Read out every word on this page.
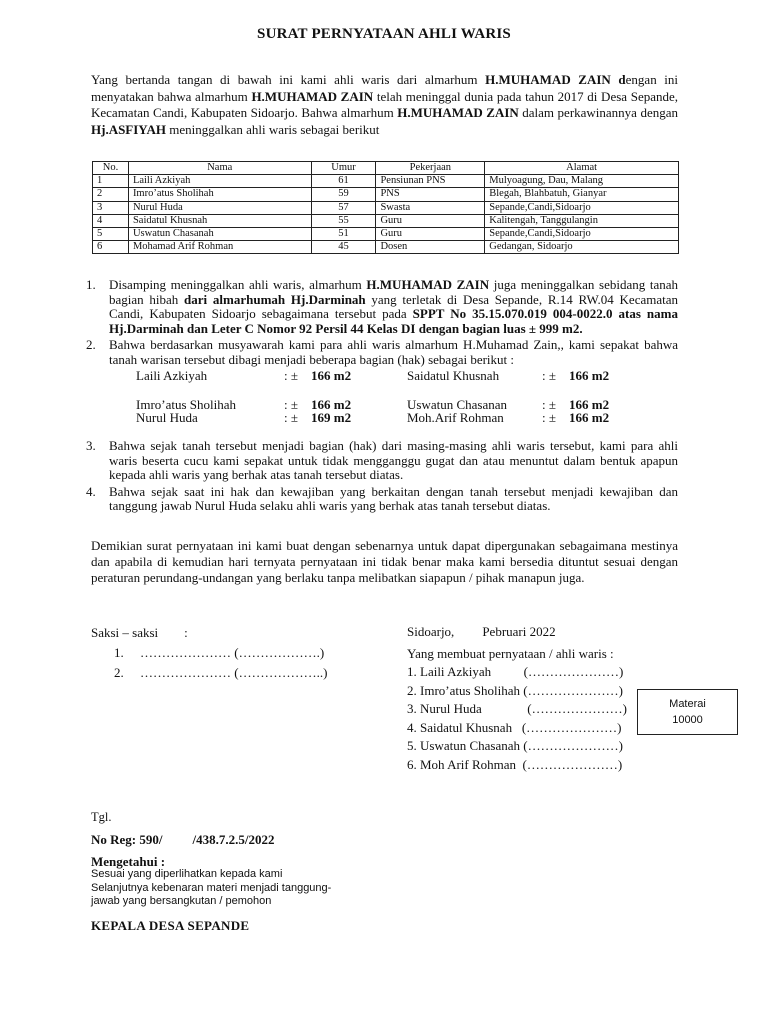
SURAT PERNYATAAN AHLI WARIS
Yang bertanda tangan di bawah ini kami ahli waris dari almarhum H.MUHAMAD ZAIN dengan ini menyatakan bahwa almarhum H.MUHAMAD ZAIN telah meninggal dunia pada tahun 2017 di Desa Sepande, Kecamatan Candi, Kabupaten Sidoarjo. Bahwa almarhum H.MUHAMAD ZAIN dalam perkawinannya dengan Hj.ASFIYAH meninggalkan ahli waris sebagai berikut
No.	Nama	Umur	Pekerjaan	Alamat
1	Laili Azkiyah	61	Pensiunan PNS	Mulyoagung, Dau, Malang
2	Imro’atus Sholihah	59	PNS	Blegah, Blahbatuh, Gianyar
3	Nurul Huda	57	Swasta	Sepande,Candi,Sidoarjo
4	Saidatul Khusnah	55	Guru	Kalitengah, Tanggulangin
5	Uswatun Chasanah	51	Guru	Sepande,Candi,Sidoarjo
6	Mohamad Arif Rohman	45	Dosen	Gedangan, Sidoarjo
1. Disamping meninggalkan ahli waris, almarhum H.MUHAMAD ZAIN juga meninggalkan sebidang tanah bagian hibah dari almarhumah Hj.Darminah yang terletak di Desa Sepande, R.14 RW.04 Kecamatan Candi, Kabupaten Sidoarjo sebagaimana tersebut pada SPPT No 35.15.070.019 004-0022.0 atas nama Hj.Darminah dan Leter C Nomor 92 Persil 44 Kelas DI dengan bagian luas ± 999 m2.
2. Bahwa berdasarkan musyawarah kami para ahli waris almarhum H.Muhamad Zain,, kami sepakat bahwa tanah warisan tersebut dibagi menjadi beberapa bagian (hak) sebagai berikut :
Laili Azkiyah	: ± 166 m2	Saidatul Khusnah	: ± 166 m2
Imro’atus Sholihah	: ± 166 m2	Uswatun Chasanan	: ± 166 m2
Nurul Huda	: ± 169 m2	Moh.Arif Rohman	: ± 166 m2
3. Bahwa sejak tanah tersebut menjadi bagian (hak) dari masing-masing ahli waris tersebut, kami para ahli waris beserta cucu kami sepakat untuk tidak mengganggu gugat dan atau menuntut dalam bentuk apapun kepada ahli waris yang berhak atas tanah tersebut diatas.
4. Bahwa sejak saat ini hak dan kewajiban yang berkaitan dengan tanah tersebut menjadi kewajiban dan tanggung jawab Nurul Huda selaku ahli waris yang berhak atas tanah tersebut diatas.
Demikian surat pernyataan ini kami buat dengan sebenarnya untuk dapat dipergunakan sebagaimana mestinya dan apabila di kemudian hari ternyata pernyataan ini tidak benar maka kami bersedia dituntut sesuai dengan peraturan perundang-undangan yang berlaku tanpa melibatkan siapapun / pihak manapun juga.
Saksi – saksi :
1.     ………………… (……………….)
2.     ………………… (………………..)
Sidoarjo, Pebruari 2022
Yang membuat pernyataan / ahli waris :
1. Laili Azkiyah          (…………………)
2. Imro’atus Sholihah (…………………)
3. Nurul Huda              (…………………)
4. Saidatul Khusnah   (…………………)
5. Uswatun Chasanah (…………………)
6. Moh Arif Rohman  (…………………)
Materai
10000
Tgl.
No Reg: 590/ /438.7.2.5/2022
Mengetahui :
Sesuai yang diperlihatkan kepada kami
Selanjutnya kebenaran materi menjadi tanggung-
jawab yang bersangkutan / pemohon
KEPALA DESA SEPANDE
